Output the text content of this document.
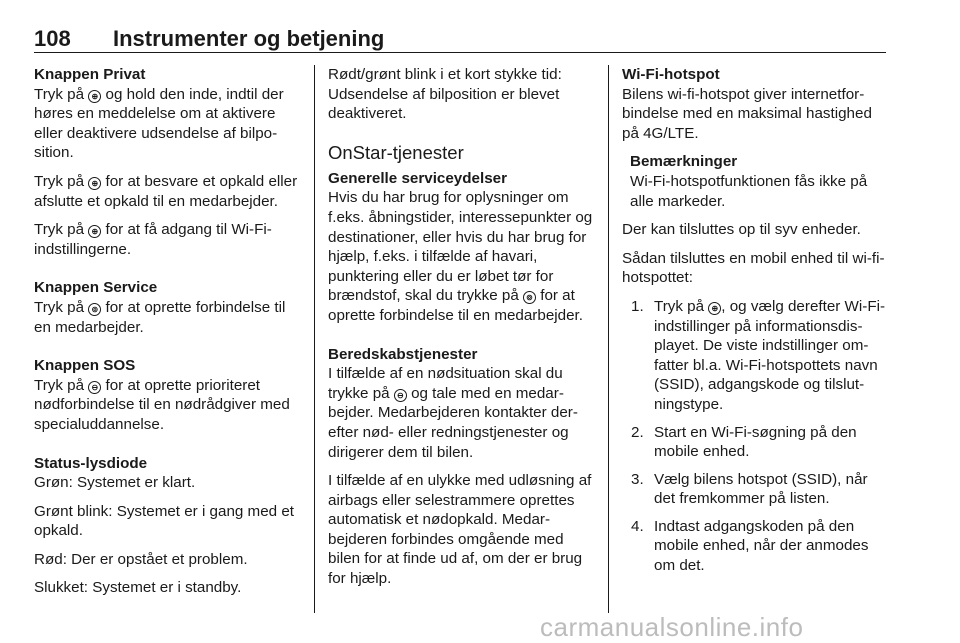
108 Instrumenter og betjening
Knappen Privat
Tryk på ⊕ og hold den inde, indtil der høres en meddelelse om at aktivere eller deaktivere udsendelse af bilposition.
Tryk på ⊕ for at besvare et opkald eller afslutte et opkald til en medarbejder.
Tryk på ⊕ for at få adgang til Wi-Fi-indstillingerne.
Knappen Service
Tryk på ⊚ for at oprette forbindelse til en medarbejder.
Knappen SOS
Tryk på ⊖ for at oprette prioriteret nødforbindelse til en nødrådgiver med specialuddannelse.
Status-lysdiode
Grøn: Systemet er klart.
Grønt blink: Systemet er i gang med et opkald.
Rød: Der er opstået et problem.
Slukket: Systemet er i standby.
Rødt/grønt blink i et kort stykke tid: Udsendelse af bilposition er blevet deaktiveret.
OnStar-tjenester
Generelle serviceydelser
Hvis du har brug for oplysninger om f.eks. åbningstider, interessepunkter og destinationer, eller hvis du har brug for hjælp, f.eks. i tilfælde af havari, punktering eller du er løbet tør for brændstof, skal du trykke på ⊚ for at oprette forbindelse til en medarbejder.
Beredskabstjenester
I tilfælde af en nødsituation skal du trykke på ⊖ og tale med en medarbejder. Medarbejderen kontakter derefter nød- eller redningstjenester og dirigerer dem til bilen.
I tilfælde af en ulykke med udløsning af airbags eller selestrammere oprettes automatisk et nødopkald. Medarbejderen forbindes omgående med bilen for at finde ud af, om der er brug for hjælp.
Wi-Fi-hotspot
Bilens wi-fi-hotspot giver internetforbindelse med en maksimal hastighed på 4G/LTE.
Bemærkninger
Wi-Fi-hotspotfunktionen fås ikke på alle markeder.
Der kan tilsluttes op til syv enheder.
Sådan tilsluttes en mobil enhed til wi-fi-hotspottet:
1. Tryk på ⊕ , og vælg derefter Wi-Fi-indstillinger på informationsdisplayet. De viste indstillinger omfatter bl.a. Wi-Fi-hotspottets navn (SSID), adgangskode og tilslutningstype.
2. Start en Wi-Fi-søgning på den mobile enhed.
3. Vælg bilens hotspot (SSID), når det fremkommer på listen.
4. Indtast adgangskoden på den mobile enhed, når der anmodes om det.
carmanualsonline.info
